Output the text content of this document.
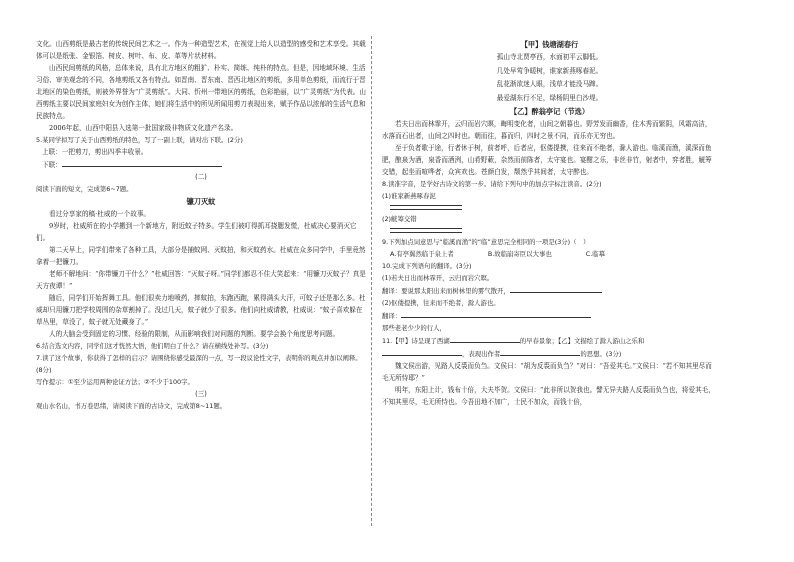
文化。山西剪纸是最古老的传统民间艺术之一。作为一种造型艺术，在视觉上给人以造型的感受和艺术享受。其载体可以是纸张、金银箔、树皮、树叶、布、皮、革等片状材料。

山西民间剪纸的风格，总体来说，具有北方地区的粗犷、朴实、简练、纯朴的特点。但是，因地域环境、生活习俗、审美观念的不同，各地剪纸又各有特点。如晋南、晋东南、晋西北地区的剪纸，多用单色剪纸，而流行于晋北地区的染色剪纸，则被外界誉为“广灵剪纸”。大同、忻州一带地区的剪纸，色彩艳丽，以“广灵剪纸”为代表。山西剪纸主要以民间家庭妇女为创作主体，她们将生活中的所见所闻用剪刀表现出来，赋予作品以浓郁的生活气息和民族特点。

2006年起，山西中阳县入选第一批国家级非物质文化遗产名录。

5.某同学拟写了关于山西剪纸的特色，写了一副上联，请对出下联。(2分)

上联：一把剪刀，剪出四季丰收景。

下联：

(二)

阅读下面的短文，完成第6~7题。

镰刀灭蚊

看过分享家的稿·杜威的一个故事。

9岁时，杜威所在的小学搬到一个新地方，附近蚊子特多。学生们被叮得抓耳挠腮发慌，杜威决心要消灭它们。

第二天早上，同学们带来了各种工具，大部分是捕蚊网、灭蚊拍，和灭蚊药水。杜威在众多同学中，手里竟然拿着一把镰刀。

老师不解地问：“你带镰刀干什么？”杜威回答：“灭蚊子呀。”同学们都忍不住大笑起来：“用镰刀灭蚊子？真是天方夜谭！”

随后，同学们开始挥舞工具。他们很卖力地喷药，摔蚊拍，东跑西跑，累得满头大汗，可蚊子还是那么多。杜威却只用镰刀把学校周围的杂草割掉了。没过几天，蚊子就少了很多。他们向杜威请教，杜威说：“蚊子喜欢躲在草丛里，草没了，蚊子就无处藏身了。”

人的大脑会受到固定的习惯、经验的限制，从而影响我们对问题的判断。要学会换个角度思考问题。

6.结合选文内容，同学们这才恍然大悟，他们明白了什么？请在横线处补写。(3分)

7.读了这个故事，你获得了怎样的启示？请围绕你感受最深的一点，写一段议论性文字，表明你的观点并加以阐释。(8分)

写作提示：①至少运用两种论证方法；②不少于100字。

(三)

观山水名山，书万卷思绪，请阅读下面的古诗文，完成第8~11题。

【甲】钱塘湖春行

孤山寺北贾亭西，水面初平云脚低。

几处早莺争暖树，谁家新燕啄春泥。

乱花渐欲迷人眼，浅草才能没马蹄。

最爱湖东行不足，绿杨阴里白沙堤。

【乙】醉翁亭记（节选）

若夫日出而林霏开，云归而岩穴暝，晦明变化者，山间之朝暮也。野芳发而幽香，佳木秀而繁阴，风霜高洁，水落而石出者，山间之四时也。朝而往，暮而归，四时之景不同，而乐亦无穷也。

至于负者歌于途，行者休于树，前者呼，后者应，伛偻提携，往来而不绝者，滁人游也。临溪而渔，溪深而鱼肥，酿泉为酒，泉香而酒洌，山肴野蔌，杂然而前陈者，太守宴也。宴酣之乐，非丝非竹，射者中，弈者胜，觥筹交错，起坐而喧哗者，众宾欢也。苍颜白发，颓然乎其间者，太守醉也。

8.读准字音，是学好古诗文的第一步。请给下列句中的加点字标注读音。(2分)

(1)谁家新燕啄春泥

(2)觥筹交错

9.下列加点词意思与“临溪而渔”的“临”意思完全相同的一项是(3分)（　）

A.有亭翼然临于泉上者	B.故临崩寄臣以大事也	C.临摹

10.完成下列语句的翻译。(3分)

(1)若夫日出而林霏开，云归而岩穴暝。

翻译：要说那太阳出来而树林里的雾气散开，

(2)伛偻提携，往来而不绝者，滁人游也。

翻译：

那些老老少少的行人，

11.【甲】诗呈现了西湖	的早春景象；【乙】文描绘了滁人游山之乐和，表现出作者	的思想。(3分)

魏文侯出游，见路人反裘而负刍。文侯曰：“胡为反裘而负刍？”对曰：“吾爱其毛。”文侯曰：“若不知其里尽而毛无所恃耶？”

明年，东阳上计，钱布十倍，大夫毕贺。文侯曰：“此非所以贺我也。譬无异夫路人反裘而负刍也，将爱其毛，不知其里尽，毛无所恃也。今吾田地不加广，士民不加众，而钱十倍，
